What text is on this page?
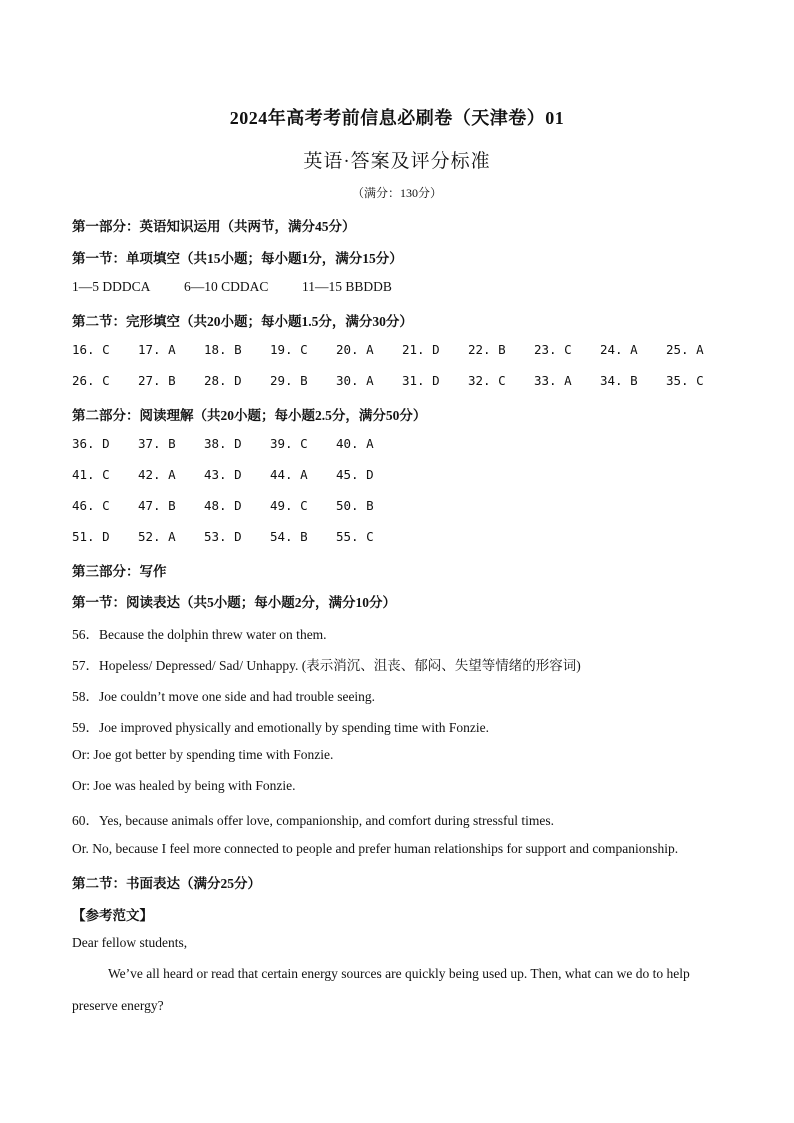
2024年高考考前信息必刷卷（天津卷）01
英语·答案及评分标准
（满分：130分）
第一部分：英语知识运用（共两节，满分45分）
第一节：单项填空（共15小题；每小题1分，满分15分）
1—5 DDDCA	6—10 CDDAC	11—15 BBDDB
第二节：完形填空（共20小题；每小题1.5分，满分30分）
16. C	17. A	18. B	19. C	20. A	21. D	22. B	23. C	24. A	25. A
26. C	27. B	28. D	29. B	30. A	31. D	32. C	33. A	34. B	35. C
第二部分：阅读理解（共20小题；每小题2.5分，满分50分）
36. D	37. B	38. D	39. C	40. A
41. C	42. A	43. D	44. A	45. D
46. C	47. B	48. D	49. C	50. B
51. D	52. A	53. D	54. B	55. C
第三部分：写作
第一节：阅读表达（共5小题；每小题2分，满分10分）
56．Because the dolphin threw water on them.
57．Hopeless/ Depressed/ Sad/ Unhappy. (表示消沉、沮丧、郁闷、失望等情绪的形容词)
58．Joe couldn’t move one side and had trouble seeing.
59．Joe improved physically and emotionally by spending time with Fonzie.
Or: Joe got better by spending time with Fonzie.
Or: Joe was healed by being with Fonzie.
60．Yes, because animals offer love, companionship, and comfort during stressful times.
Or. No, because I feel more connected to people and prefer human relationships for support and companionship.
第二节：书面表达（满分25分）
【参考范文】
Dear fellow students,
We’ve all heard or read that certain energy sources are quickly being used up. Then, what can we do to help
preserve energy?
